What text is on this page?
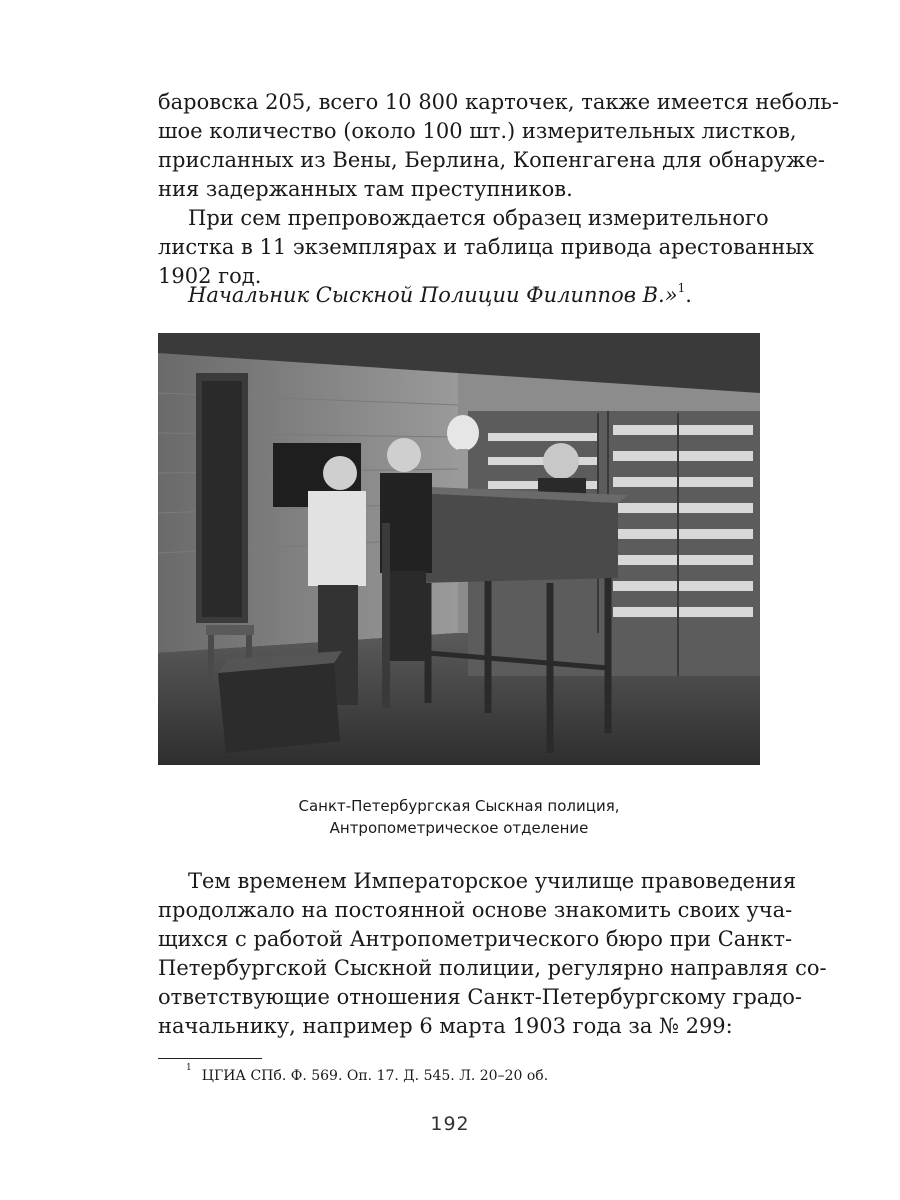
баровска 205, всего 10 800 карточек, также имеется неболь-
шое количество (около 100 шт.) измерительных листков,
присланных из Вены, Берлина, Копенгагена для обнаруже-
ния задержанных там преступников.

При сем препровождается образец измерительного
листка в 11 экземплярах и таблица привода арестованных
1902 год.

Начальник Сыскной Полиции Филиппов В.»$^1$.

Санкт-Петербургская Сыскная полиция,
Антропометрическое отделение

Тем временем Императорское училище правоведения
продолжало на постоянной основе знакомить своих уча-
щихся с работой Антропометрического бюро при Санкт-
Петербургской Сыскной полиции, регулярно направляя со-
ответствующие отношения Санкт-Петербургскому градо-
начальнику, например 6 марта 1903 года за № 299:

$^1$ ЦГИА СПб. Ф. 569. Оп. 17. Д. 545. Л. 20–20 об.
192
